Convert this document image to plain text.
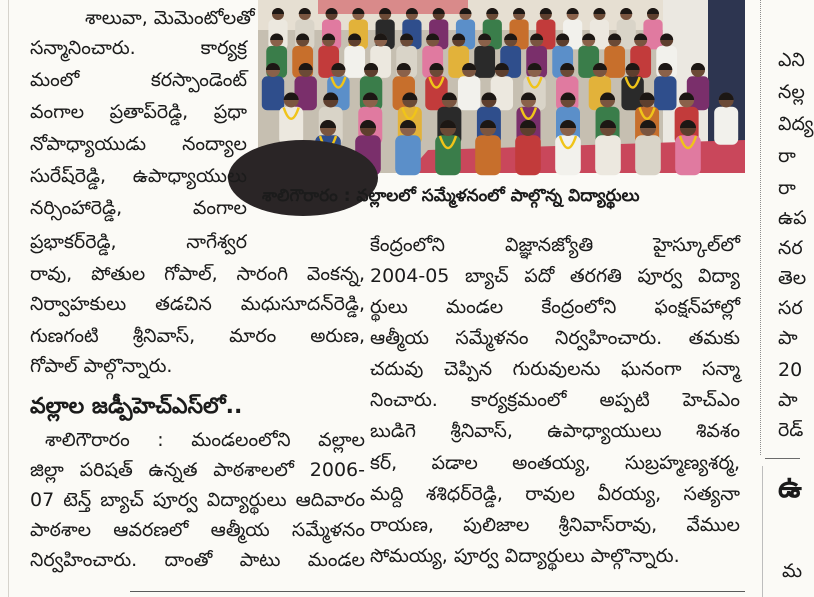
శాలిగౌరారం : వల్లాలలో సమ్మేళనంలో పాల్గొన్న విద్యార్థులు
శాలువా, మెమెంటోలతో
సన్మానించారు. కార్యక్ర
మంలో కరస్పాండెంట్
వంగాల ప్రతాప్‌రెడ్డి, ప్రధా
నోపాధ్యాయుడు నంద్యాల
సురేష్‌రెడ్డి, ఉపాధ్యాయులు
నర్సింహారెడ్డి, వంగాల
ప్రభాకర్‌రెడ్డి, నాగేశ్వర
రావు, పోతుల గోపాల్, సారంగి వెంకన్న,
నిర్వాహకులు తడచిన మధుసూదన్‌రెడ్డి,
గుణగంటి శ్రీనివాస్, మారం అరుణ,
గోపాల్ పాల్గొన్నారు.
వల్లాల జడ్పీహెచ్‌ఎస్‌లో..
శాలిగౌరారం : మండలంలోని వల్లాల
జిల్లా పరిషత్ ఉన్నత పాఠశాలలో 2006-
07 టెన్త్ బ్యాచ్ పూర్వ విద్యార్థులు ఆదివారం
పాఠశాల ఆవరణలో ఆత్మీయ సమ్మేళనం
నిర్వహించారు. దాంతో పాటు మండల
కేంద్రంలోని విజ్ఞానజ్యోతి హైస్కూల్‌లో
2004-05 బ్యాచ్ పదో తరగతి పూర్వ విద్యా
ర్థులు మండల కేంద్రంలోని ఫంక్షన్‌హాల్లో
ఆత్మీయ సమ్మేళనం నిర్వహించారు. తమకు
చదువు చెప్పిన గురువులను ఘనంగా సన్మా
నించారు. కార్యక్రమంలో అప్పటి హెచ్‌ఎం
బుడిగె శ్రీనివాస్, ఉపాధ్యాయులు శివశం
కర్, పడాల అంతయ్య, సుబ్రహ్మణ్యశర్మ,
మద్ది శశిధర్‌రెడ్డి, రావుల వీరయ్య, సత్యనా
రాయణ, పులిజాల శ్రీనివాస్‌రావు, వేముల
సోమయ్య, పూర్వ విద్యార్థులు పాల్గొన్నారు.
ఎని
నల్ల
విద్య
రా
రా
ఉప
నర
తెల
సర
పా
20
పా
రెడ్
ఉ
మ
